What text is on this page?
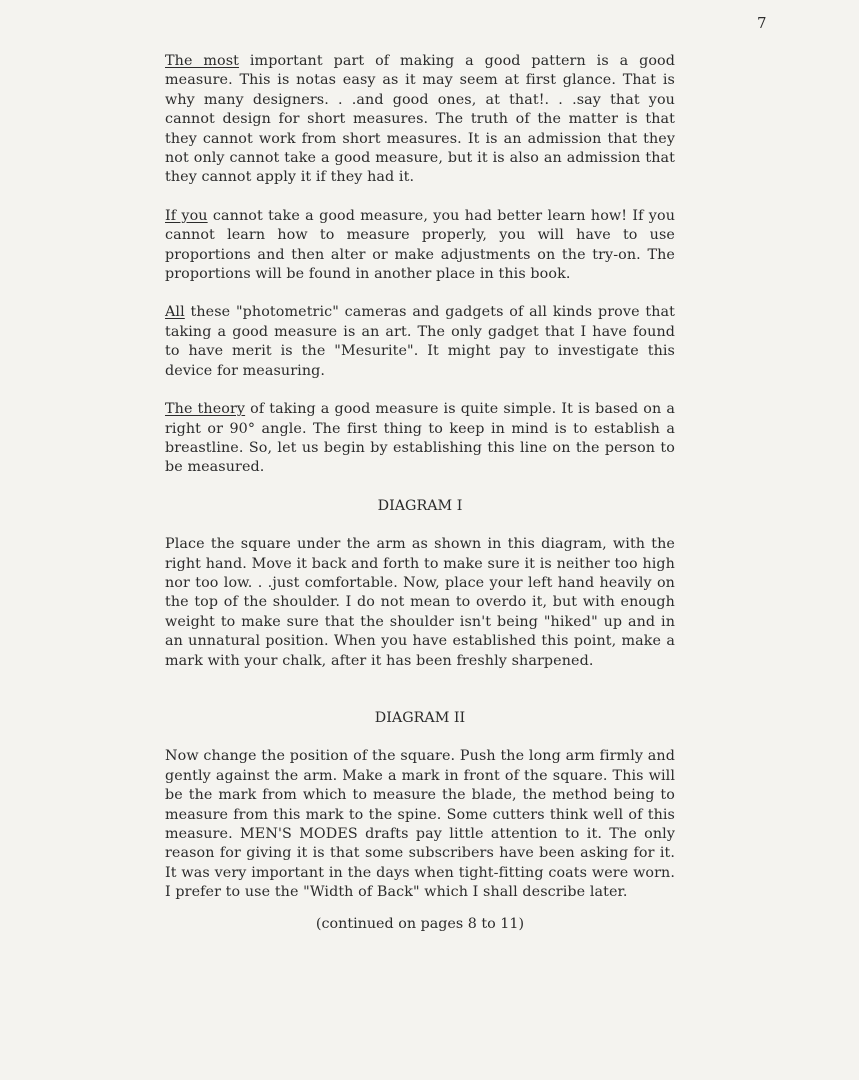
7

The most important part of making a good pattern is a good measure. This is notas easy as it may seem at first glance. That is why many designers. . .and good ones, at that!. . .say that you cannot design for short measures. The truth of the matter is that they cannot work from short measures. It is an admission that they not only cannot take a good measure, but it is also an admission that they cannot apply it if they had it.

If you cannot take a good measure, you had better learn how! If you cannot learn how to measure properly, you will have to use proportions and then alter or make adjustments on the try-on. The proportions will be found in another place in this book.

All these "photometric" cameras and gadgets of all kinds prove that taking a good measure is an art. The only gadget that I have found to have merit is the "Mesurite". It might pay to investigate this device for measuring.

The theory of taking a good measure is quite simple. It is based on a right or 90° angle. The first thing to keep in mind is to establish a breastline. So, let us begin by establishing this line on the person to be measured.

DIAGRAM I

Place the square under the arm as shown in this diagram, with the right hand. Move it back and forth to make sure it is neither too high nor too low. . .just comfortable. Now, place your left hand heavily on the top of the shoulder. I do not mean to overdo it, but with enough weight to make sure that the shoulder isn't being "hiked" up and in an unnatural position. When you have established this point, make a mark with your chalk, after it has been freshly sharpened.

DIAGRAM II

Now change the position of the square. Push the long arm firmly and gently against the arm. Make a mark in front of the square. This will be the mark from which to measure the blade, the method being to measure from this mark to the spine. Some cutters think well of this measure. MEN'S MODES drafts pay little attention to it. The only reason for giving it is that some subscribers have been asking for it. It was very important in the days when tight-fitting coats were worn. I prefer to use the "Width of Back" which I shall describe later.

(continued on pages 8 to 11)
